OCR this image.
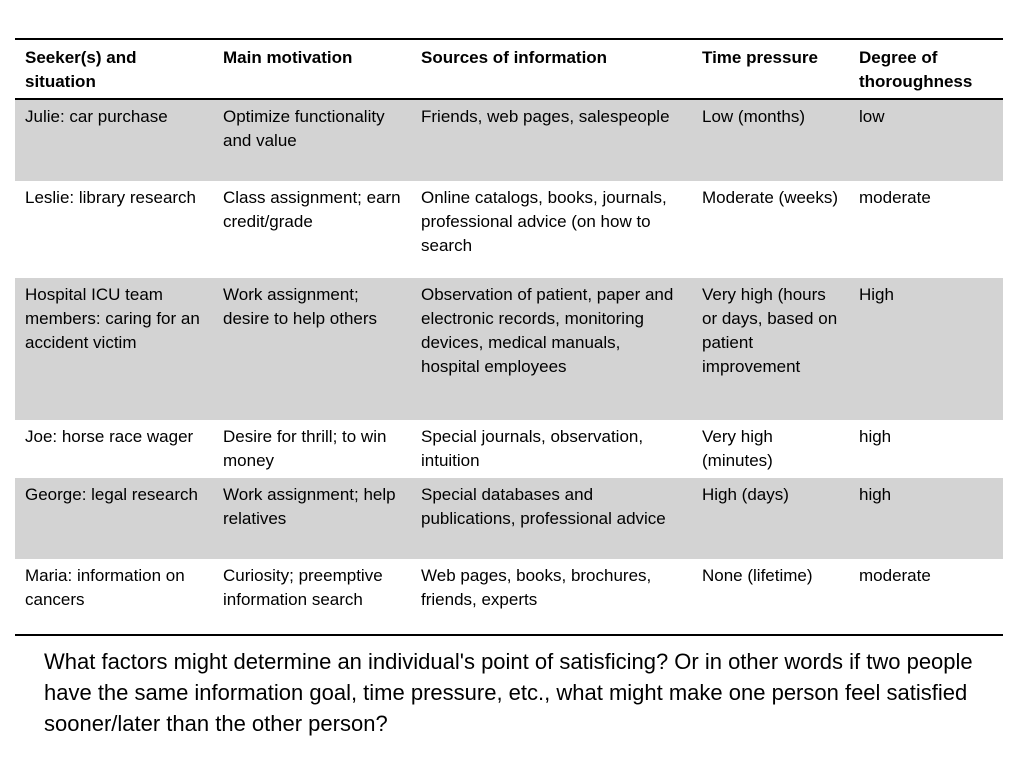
Seeker(s) and situation	Main motivation	Sources of information	Time pressure	Degree of thoroughness
Julie: car purchase	Optimize functionality and value	Friends, web pages, salespeople	Low (months)	low
Leslie: library research	Class assignment; earn credit/grade	Online catalogs, books, journals, professional advice (on how to search	Moderate (weeks)	moderate
Hospital ICU team members: caring for an accident victim	Work assignment; desire to help others	Observation of patient, paper and electronic records, monitoring devices, medical manuals, hospital employees	Very high (hours or days, based on patient improvement	High
Joe: horse race wager	Desire for thrill; to win money	Special journals, observation, intuition	Very high (minutes)	high
George: legal research	Work assignment; help relatives	Special databases and publications, professional advice	High (days)	high
Maria: information on cancers	Curiosity; preemptive information search	Web pages, books, brochures, friends, experts	None (lifetime)	moderate

What factors might determine an individual's point of satisficing? Or in other words if two people have the same information goal, time pressure, etc., what might make one person feel satisfied sooner/later than the other person?
